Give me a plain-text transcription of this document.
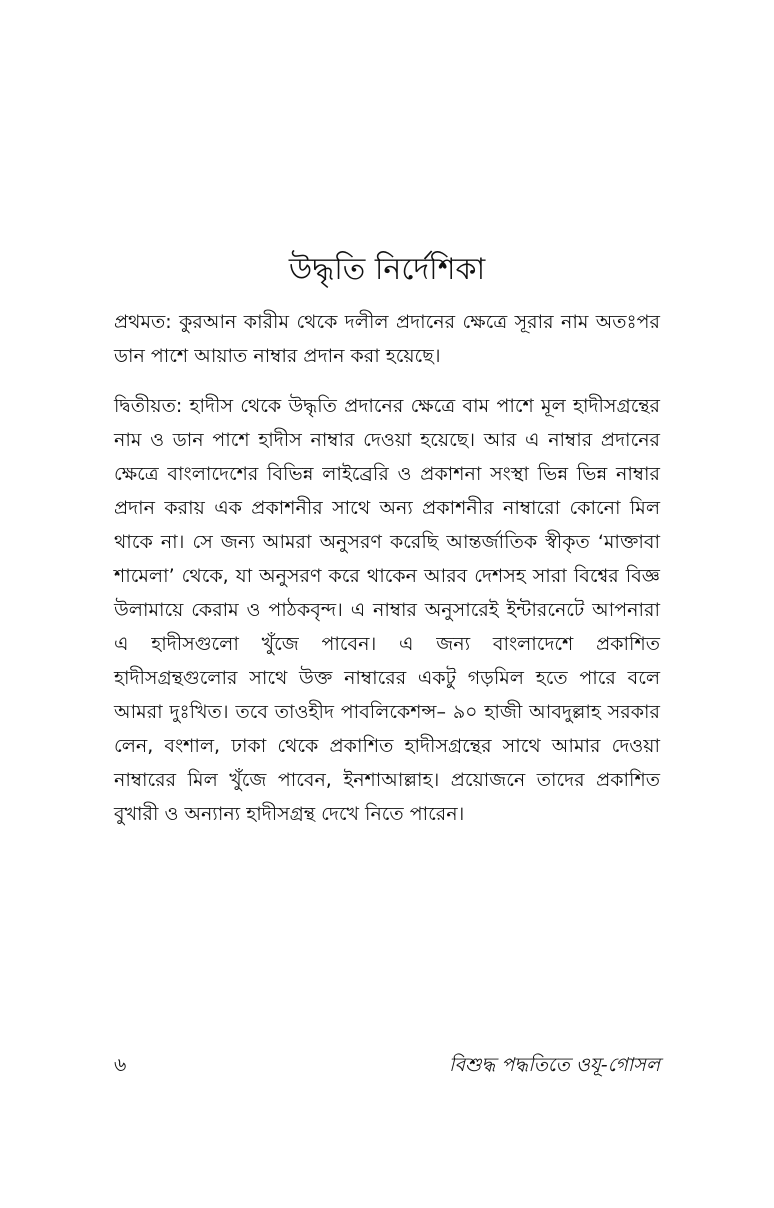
উদ্ধৃতি নির্দেশিকা

প্রথমত: কুরআন কারীম থেকে দলীল প্রদানের ক্ষেত্রে সূরার নাম অতঃপর ডান পাশে আয়াত নাম্বার প্রদান করা হয়েছে।

দ্বিতীয়ত: হাদীস থেকে উদ্ধৃতি প্রদানের ক্ষেত্রে বাম পাশে মূল হাদীসগ্রন্থের নাম ও ডান পাশে হাদীস নাম্বার দেওয়া হয়েছে। আর এ নাম্বার প্রদানের ক্ষেত্রে বাংলাদেশের বিভিন্ন লাইব্রেরি ও প্রকাশনা সংস্থা ভিন্ন ভিন্ন নাম্বার প্রদান করায় এক প্রকাশনীর সাথে অন্য প্রকাশনীর নাম্বারো কোনো মিল থাকে না। সে জন্য আমরা অনুসরণ করেছি আন্তর্জাতিক স্বীকৃত ‘মাক্তাবা শামেলা’ থেকে, যা অনুসরণ করে থাকেন আরব দেশসহ সারা বিশ্বের বিজ্ঞ উলামায়ে কেরাম ও পাঠকবৃন্দ। এ নাম্বার অনুসারেই ইন্টারনেটে আপনারা এ হাদীসগুলো খুঁজে পাবেন। এ জন্য বাংলাদেশে প্রকাশিত হাদীসগ্রন্থগুলোর সাথে উক্ত নাম্বারের একটু গড়মিল হতে পারে বলে আমরা দুঃখিত। তবে তাওহীদ পাবলিকেশন্স– ৯০ হাজী আবদুল্লাহ সরকার লেন, বংশাল, ঢাকা থেকে প্রকাশিত হাদীসগ্রন্থের সাথে আমার দেওয়া নাম্বারের মিল খুঁজে পাবেন, ইনশাআল্লাহ। প্রয়োজনে তাদের প্রকাশিত বুখারী ও অন্যান্য হাদীসগ্রন্থ দেখে নিতে পারেন।

৬	বিশুদ্ধ পদ্ধতিতে ওযূ-গোসল
